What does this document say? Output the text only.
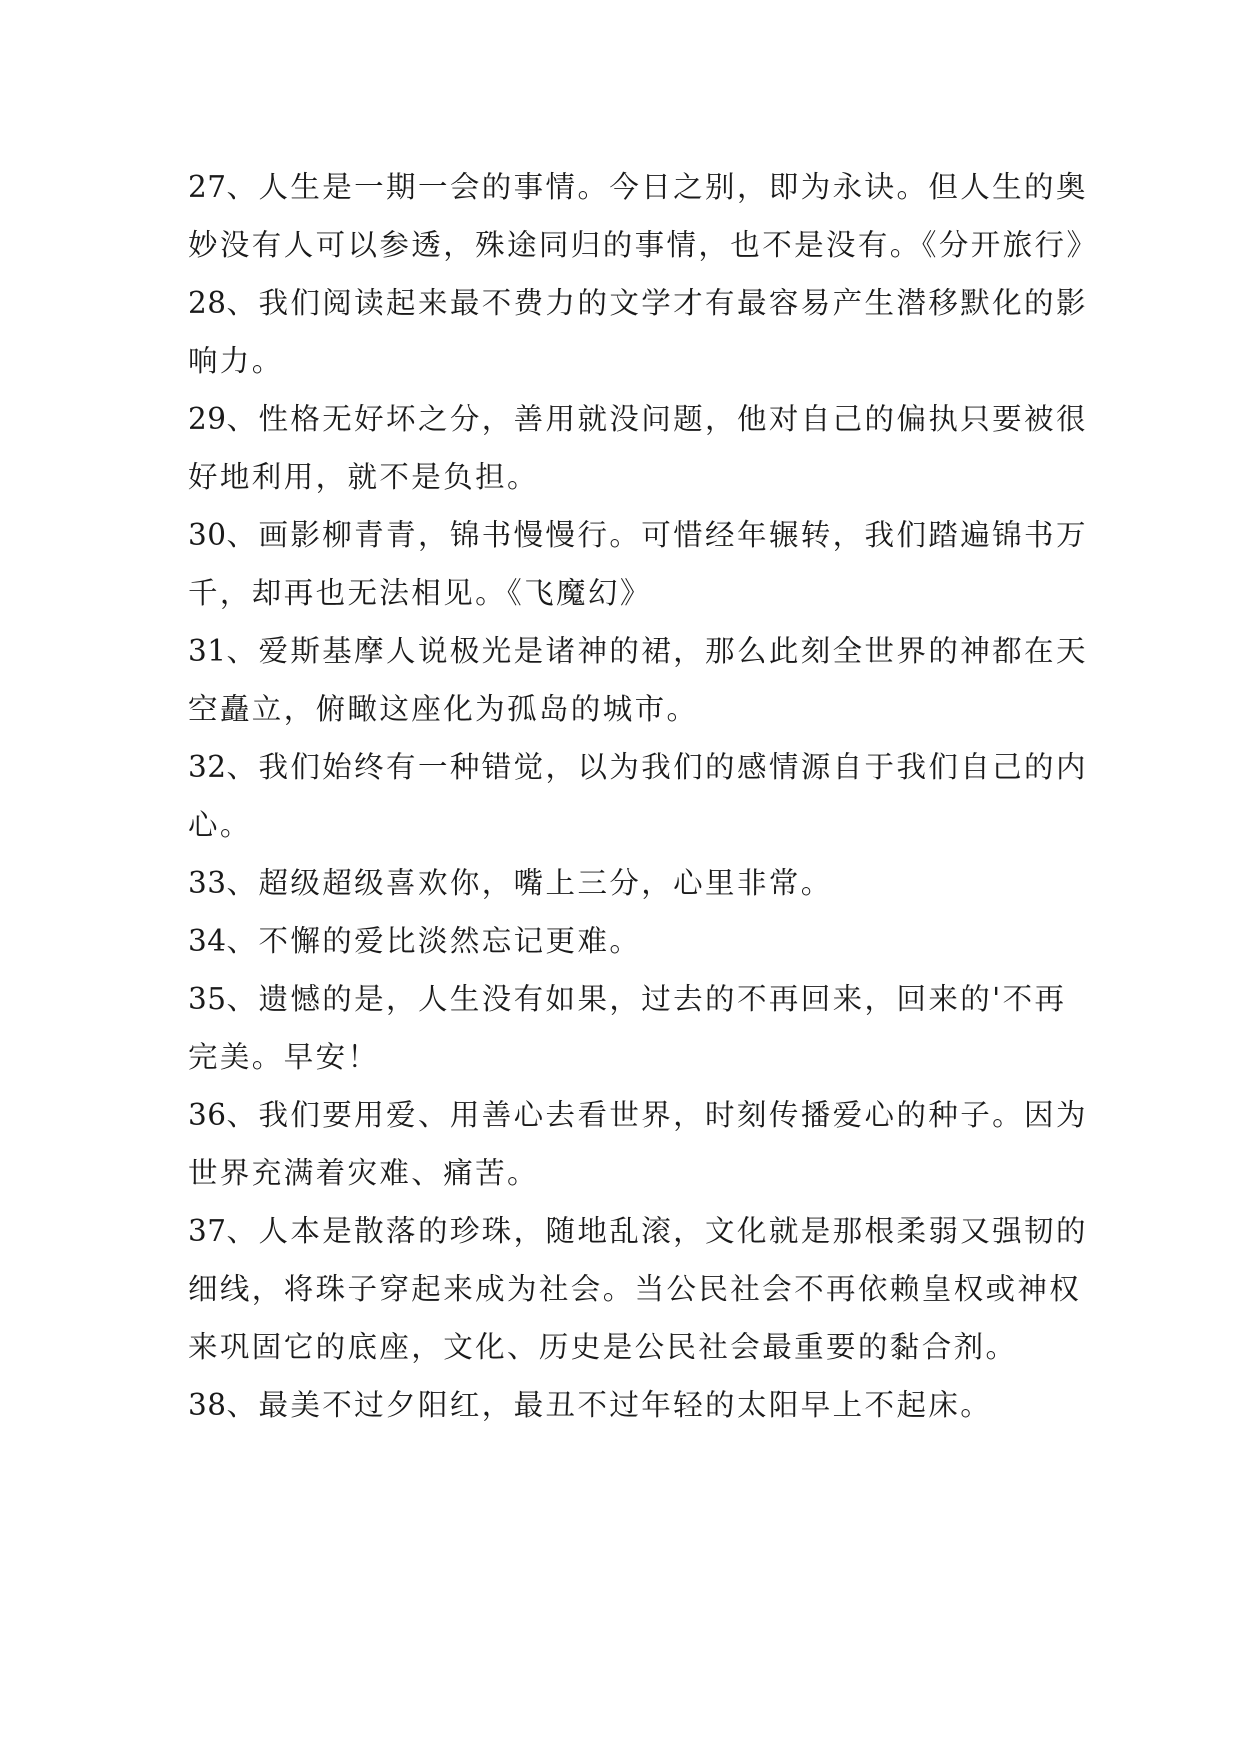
27、人生是一期一会的事情。今日之别，即为永诀。但人生的奥妙没有人可以参透，殊途同归的事情，也不是没有。《分开旅行》

28、我们阅读起来最不费力的文学才有最容易产生潜移默化的影响力。

29、性格无好坏之分，善用就没问题，他对自己的偏执只要被很好地利用，就不是负担。

30、画影柳青青，锦书慢慢行。可惜经年辗转，我们踏遍锦书万千，却再也无法相见。《飞魔幻》

31、爱斯基摩人说极光是诸神的裙，那么此刻全世界的神都在天空矗立，俯瞰这座化为孤岛的城市。

32、我们始终有一种错觉，以为我们的感情源自于我们自己的内心。

33、超级超级喜欢你，嘴上三分，心里非常。

34、不懈的爱比淡然忘记更难。

35、遗憾的是，人生没有如果，过去的不再回来，回来的'不再完美。早安！

36、我们要用爱、用善心去看世界，时刻传播爱心的种子。因为世界充满着灾难、痛苦。

37、人本是散落的珍珠，随地乱滚，文化就是那根柔弱又强韧的细线，将珠子穿起来成为社会。当公民社会不再依赖皇权或神权来巩固它的底座，文化、历史是公民社会最重要的黏合剂。

38、最美不过夕阳红，最丑不过年轻的太阳早上不起床。
